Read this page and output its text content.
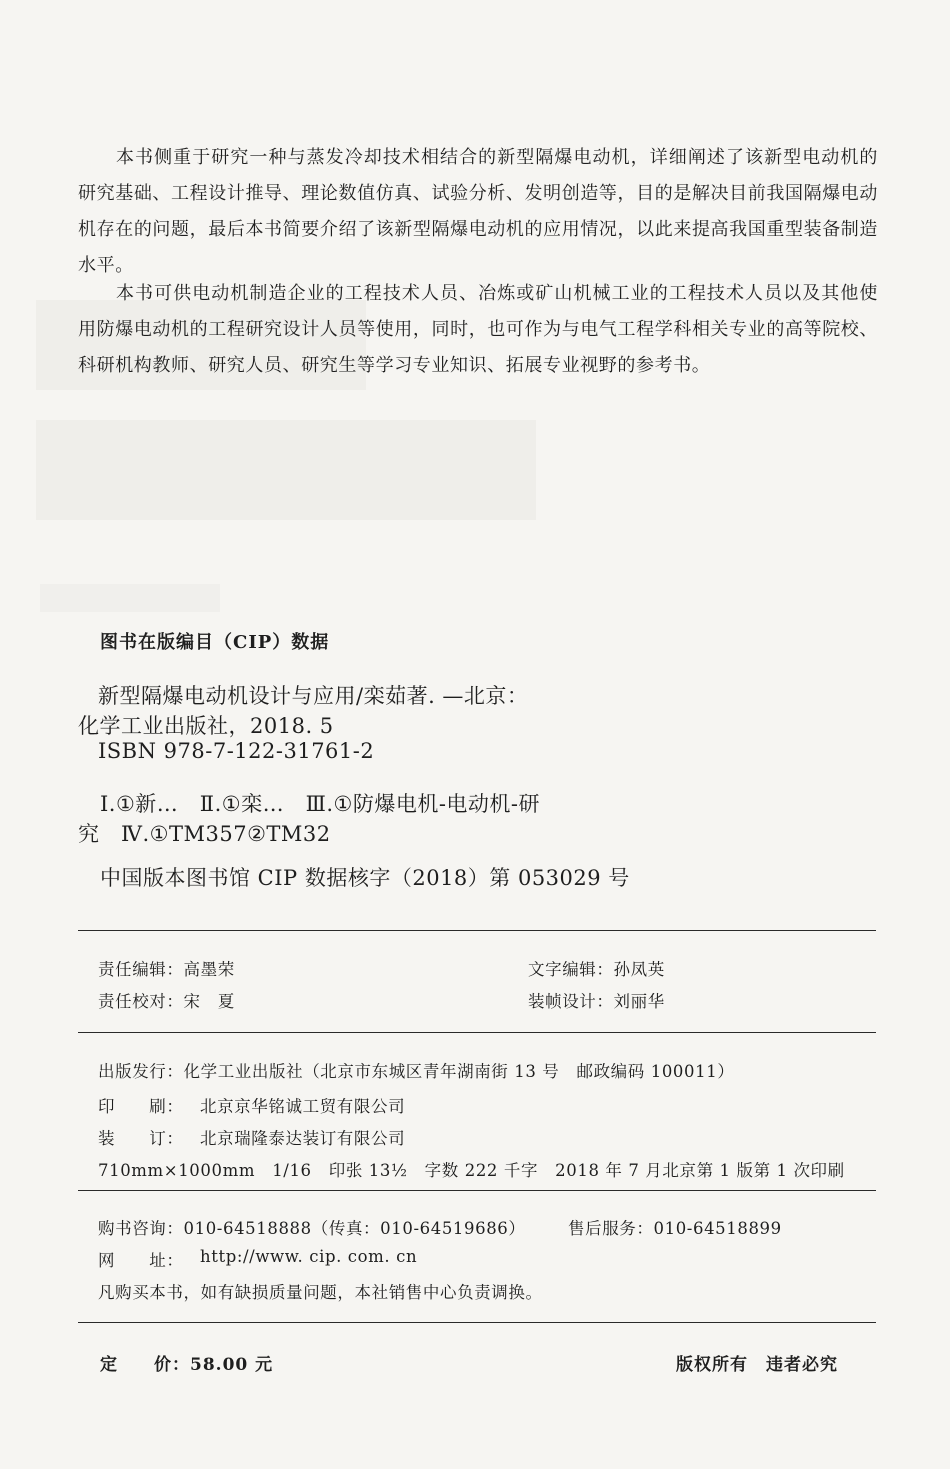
本书侧重于研究一种与蒸发冷却技术相结合的新型隔爆电动机，详细阐述了该新型电动机的研究基础、工程设计推导、理论数值仿真、试验分析、发明创造等，目的是解决目前我国隔爆电动机存在的问题，最后本书简要介绍了该新型隔爆电动机的应用情况，以此来提高我国重型装备制造水平。
本书可供电动机制造企业的工程技术人员、冶炼或矿山机械工业的工程技术人员以及其他使用防爆电动机的工程研究设计人员等使用，同时，也可作为与电气工程学科相关专业的高等院校、科研机构教师、研究人员、研究生等学习专业知识、拓展专业视野的参考书。
图书在版编目（CIP）数据
新型隔爆电动机设计与应用/栾茹著. —北京：
化学工业出版社，2018. 5
ISBN 978-7-122-31761-2
Ⅰ.①新…　Ⅱ.①栾…　Ⅲ.①防爆电机-电动机-研
究　Ⅳ.①TM357②TM32
中国版本图书馆 CIP 数据核字（2018）第 053029 号
责任编辑：高墨荣	文字编辑：孙凤英
责任校对：宋　夏	装帧设计：刘丽华
出版发行：化学工业出版社（北京市东城区青年湖南街 13 号　邮政编码 100011）
印　　刷： 北京京华铭诚工贸有限公司
装　　订： 北京瑞隆泰达装订有限公司
710mm×1000mm　1/16　印张 13½　字数 222 千字　2018 年 7 月北京第 1 版第 1 次印刷
购书咨询：010-64518888（传真：010-64519686）	售后服务：010-64518899
网　　址： http://www. cip. com. cn
凡购买本书，如有缺损质量问题，本社销售中心负责调换。
定　　价：58.00 元	版权所有　违者必究
